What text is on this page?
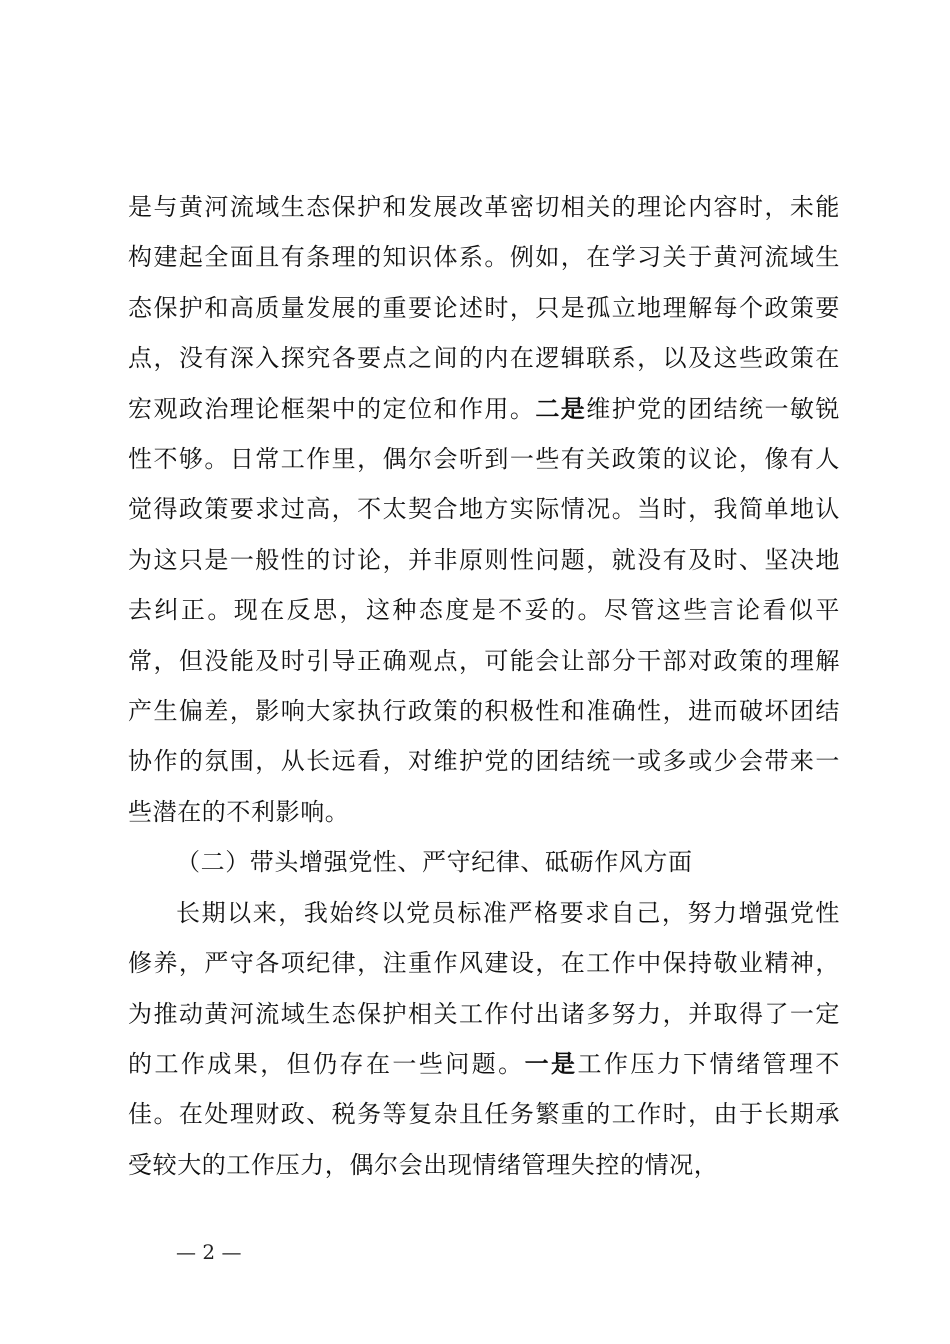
是与黄河流域生态保护和发展改革密切相关的理论内容时，未能构建起全面且有条理的知识体系。例如，在学习关于黄河流域生态保护和高质量发展的重要论述时，只是孤立地理解每个政策要点，没有深入探究各要点之间的内在逻辑联系，以及这些政策在宏观政治理论框架中的定位和作用。二是维护党的团结统一敏锐性不够。日常工作里，偶尔会听到一些有关政策的议论，像有人觉得政策要求过高，不太契合地方实际情况。当时，我简单地认为这只是一般性的讨论，并非原则性问题，就没有及时、坚决地去纠正。现在反思，这种态度是不妥的。尽管这些言论看似平常，但没能及时引导正确观点，可能会让部分干部对政策的理解产生偏差，影响大家执行政策的积极性和准确性，进而破坏团结协作的氛围，从长远看，对维护党的团结统一或多或少会带来一些潜在的不利影响。

（二）带头增强党性、严守纪律、砥砺作风方面

长期以来，我始终以党员标准严格要求自己，努力增强党性修养，严守各项纪律，注重作风建设，在工作中保持敬业精神，为推动黄河流域生态保护相关工作付出诸多努力，并取得了一定的工作成果，但仍存在一些问题。一是工作压力下情绪管理不佳。在处理财政、税务等复杂且任务繁重的工作时，由于长期承受较大的工作压力，偶尔会出现情绪管理失控的情况，

— 2 —
